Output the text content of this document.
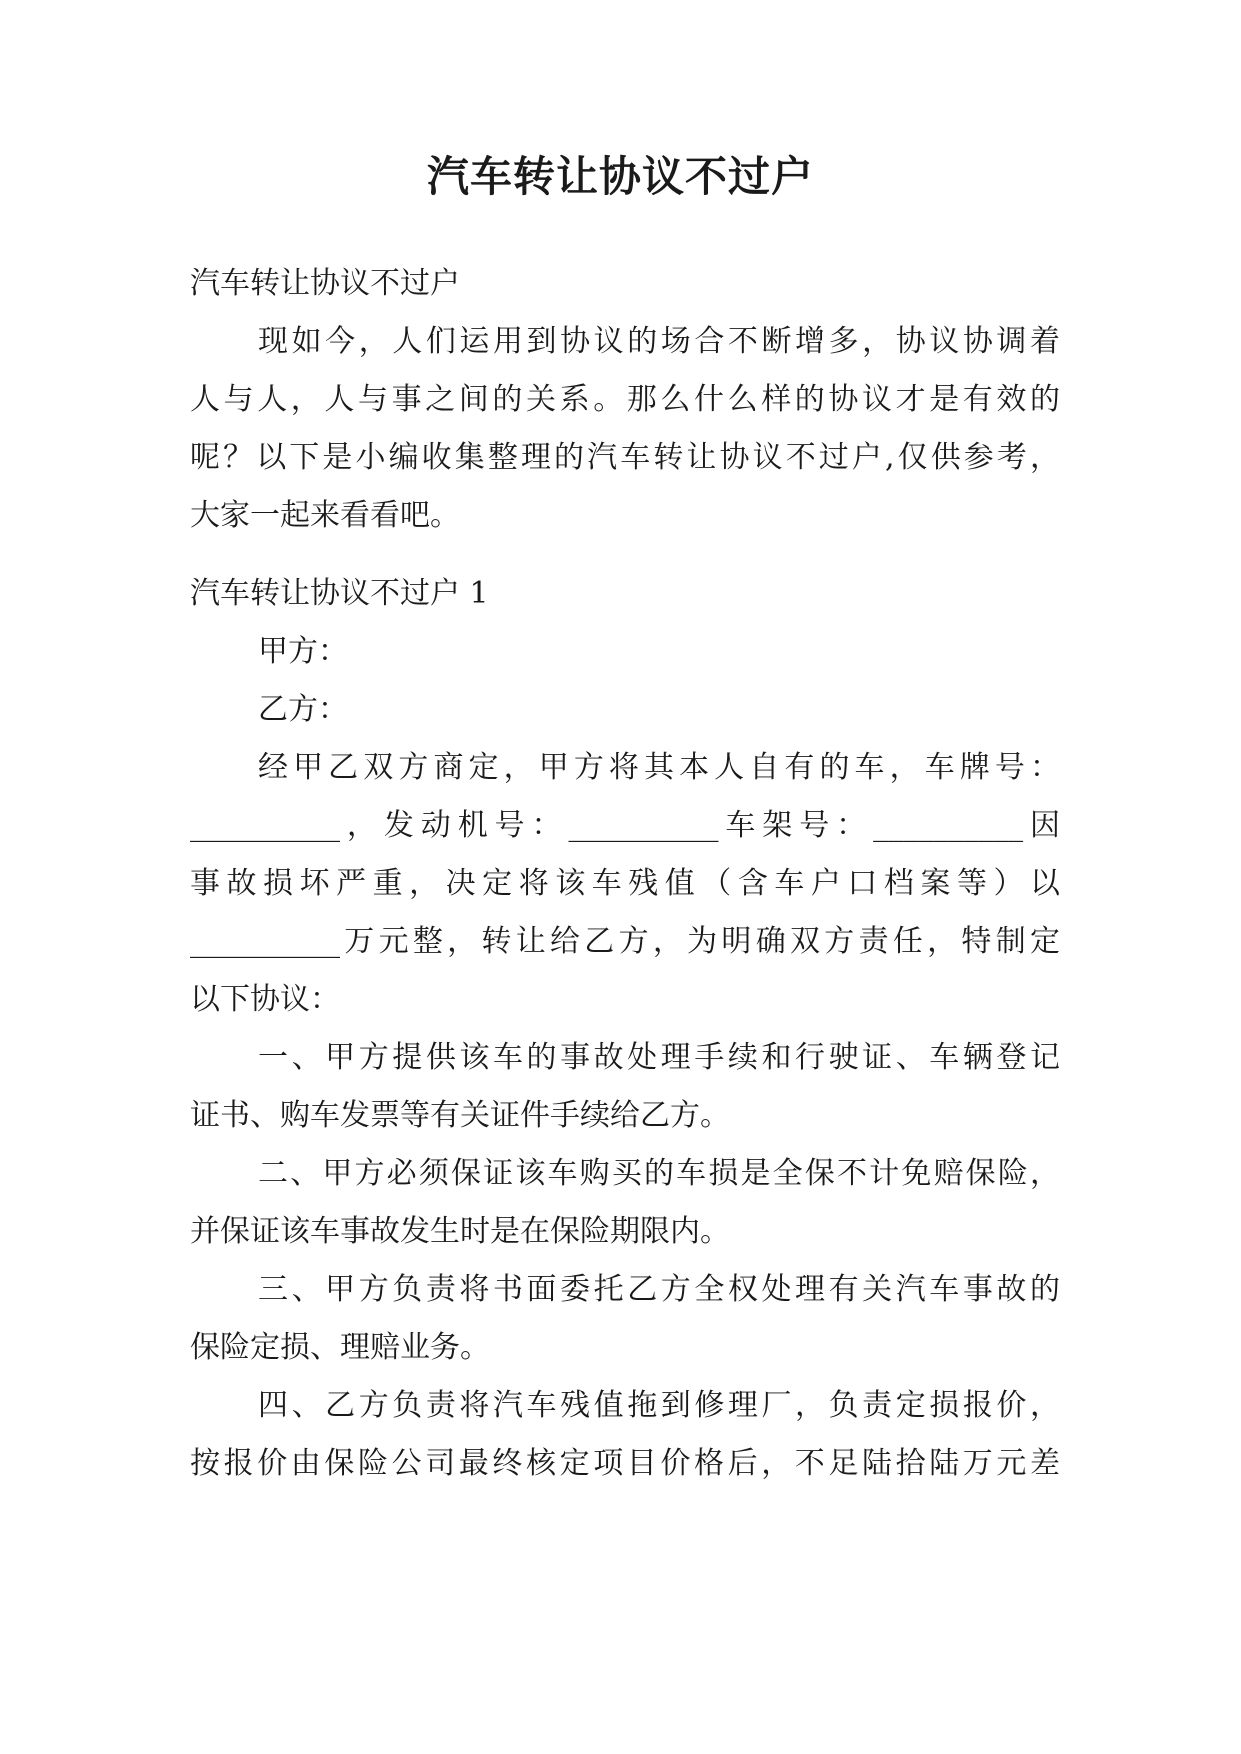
汽车转让协议不过户
汽车转让协议不过户
现如今，人们运用到协议的场合不断增多，协议协调着
人与人，人与事之间的关系。那么什么样的协议才是有效的
呢？以下是小编收集整理的汽车转让协议不过户,仅供参考，
大家一起来看看吧。
汽车转让协议不过户 1
甲方：
乙方：
经甲乙双方商定，甲方将其本人自有的车，车牌号：
__________，发动机号：__________车架号：__________因
事故损坏严重，决定将该车残值（含车户口档案等）以
__________万元整，转让给乙方，为明确双方责任，特制定
以下协议：
一、甲方提供该车的事故处理手续和行驶证、车辆登记
证书、购车发票等有关证件手续给乙方。
二、甲方必须保证该车购买的车损是全保不计免赔保险，
并保证该车事故发生时是在保险期限内。
三、甲方负责将书面委托乙方全权处理有关汽车事故的
保险定损、理赔业务。
四、乙方负责将汽车残值拖到修理厂，负责定损报价，
按报价由保险公司最终核定项目价格后，不足陆拾陆万元差
